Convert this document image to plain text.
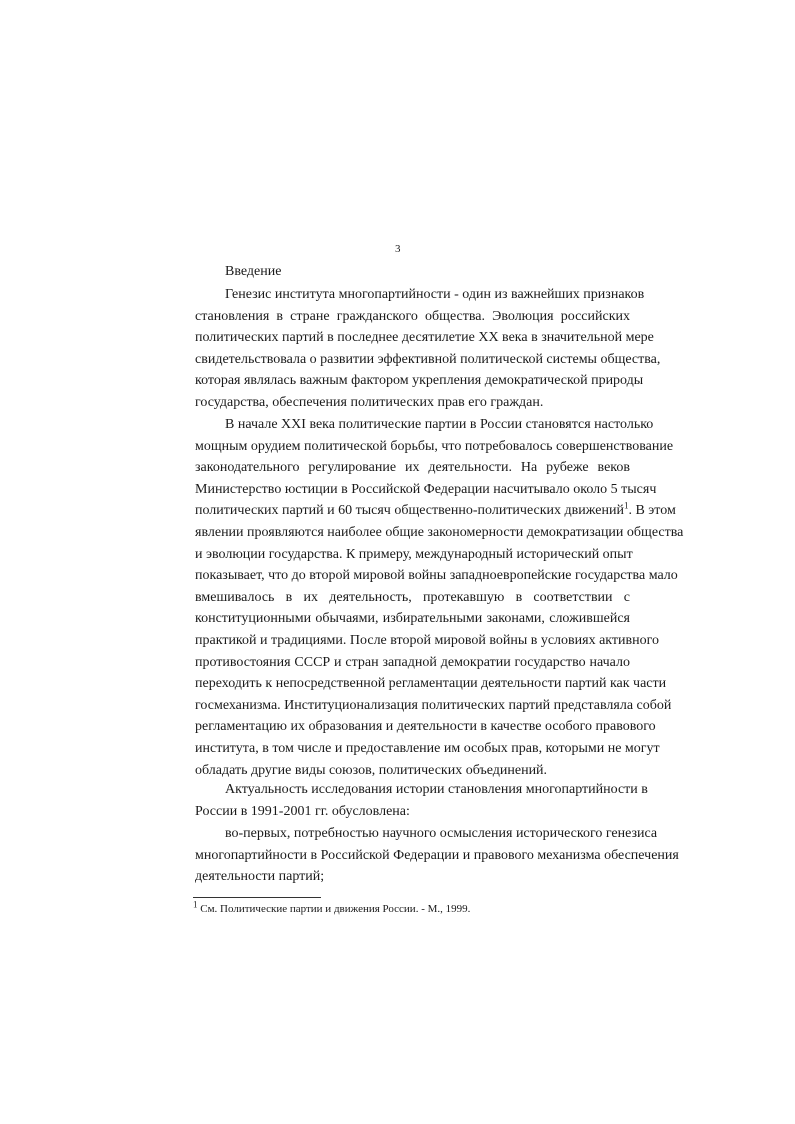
3
Введение
Генезис института многопартийности - один из важнейших признаков
становления в стране гражданского общества. Эволюция российских
политических партий в последнее десятилетие XX века в значительной мере
свидетельствовала о развитии эффективной политической системы общества,
которая являлась важным фактором укрепления демократической природы
государства, обеспечения политических прав его граждан.
В начале XXI века политические партии в России становятся настолько
мощным орудием политической борьбы, что потребовалось совершенствование
законодательного регулирование их деятельности. На рубеже веков
Министерство юстиции в Российской Федерации насчитывало около 5 тысяч
политических партий и 60 тысяч общественно-политических движений$^1$. В этом
явлении проявляются наиболее общие закономерности демократизации общества
и эволюции государства. К примеру, международный исторический опыт
показывает, что до второй мировой войны западноевропейские государства мало
вмешивалось в их деятельность, протекавшую в соответствии с
конституционными обычаями, избирательными законами, сложившейся
практикой и традициями. После второй мировой войны в условиях активного
противостояния СССР и стран западной демократии государство начало
переходить к непосредственной регламентации деятельности партий как части
госмеханизма. Институционализация политических партий представляла собой
регламентацию их образования и деятельности в качестве особого правового
института, в том числе и предоставление им особых прав, которыми не могут
обладать другие виды союзов, политических объединений.
Актуальность исследования истории становления многопартийности в
России в 1991-2001 гг. обусловлена:
во-первых, потребностью научного осмысления исторического генезиса
многопартийности в Российской Федерации и правового механизма обеспечения
деятельности партий;
$^1$ См. Политические партии и движения России. - М., 1999.
